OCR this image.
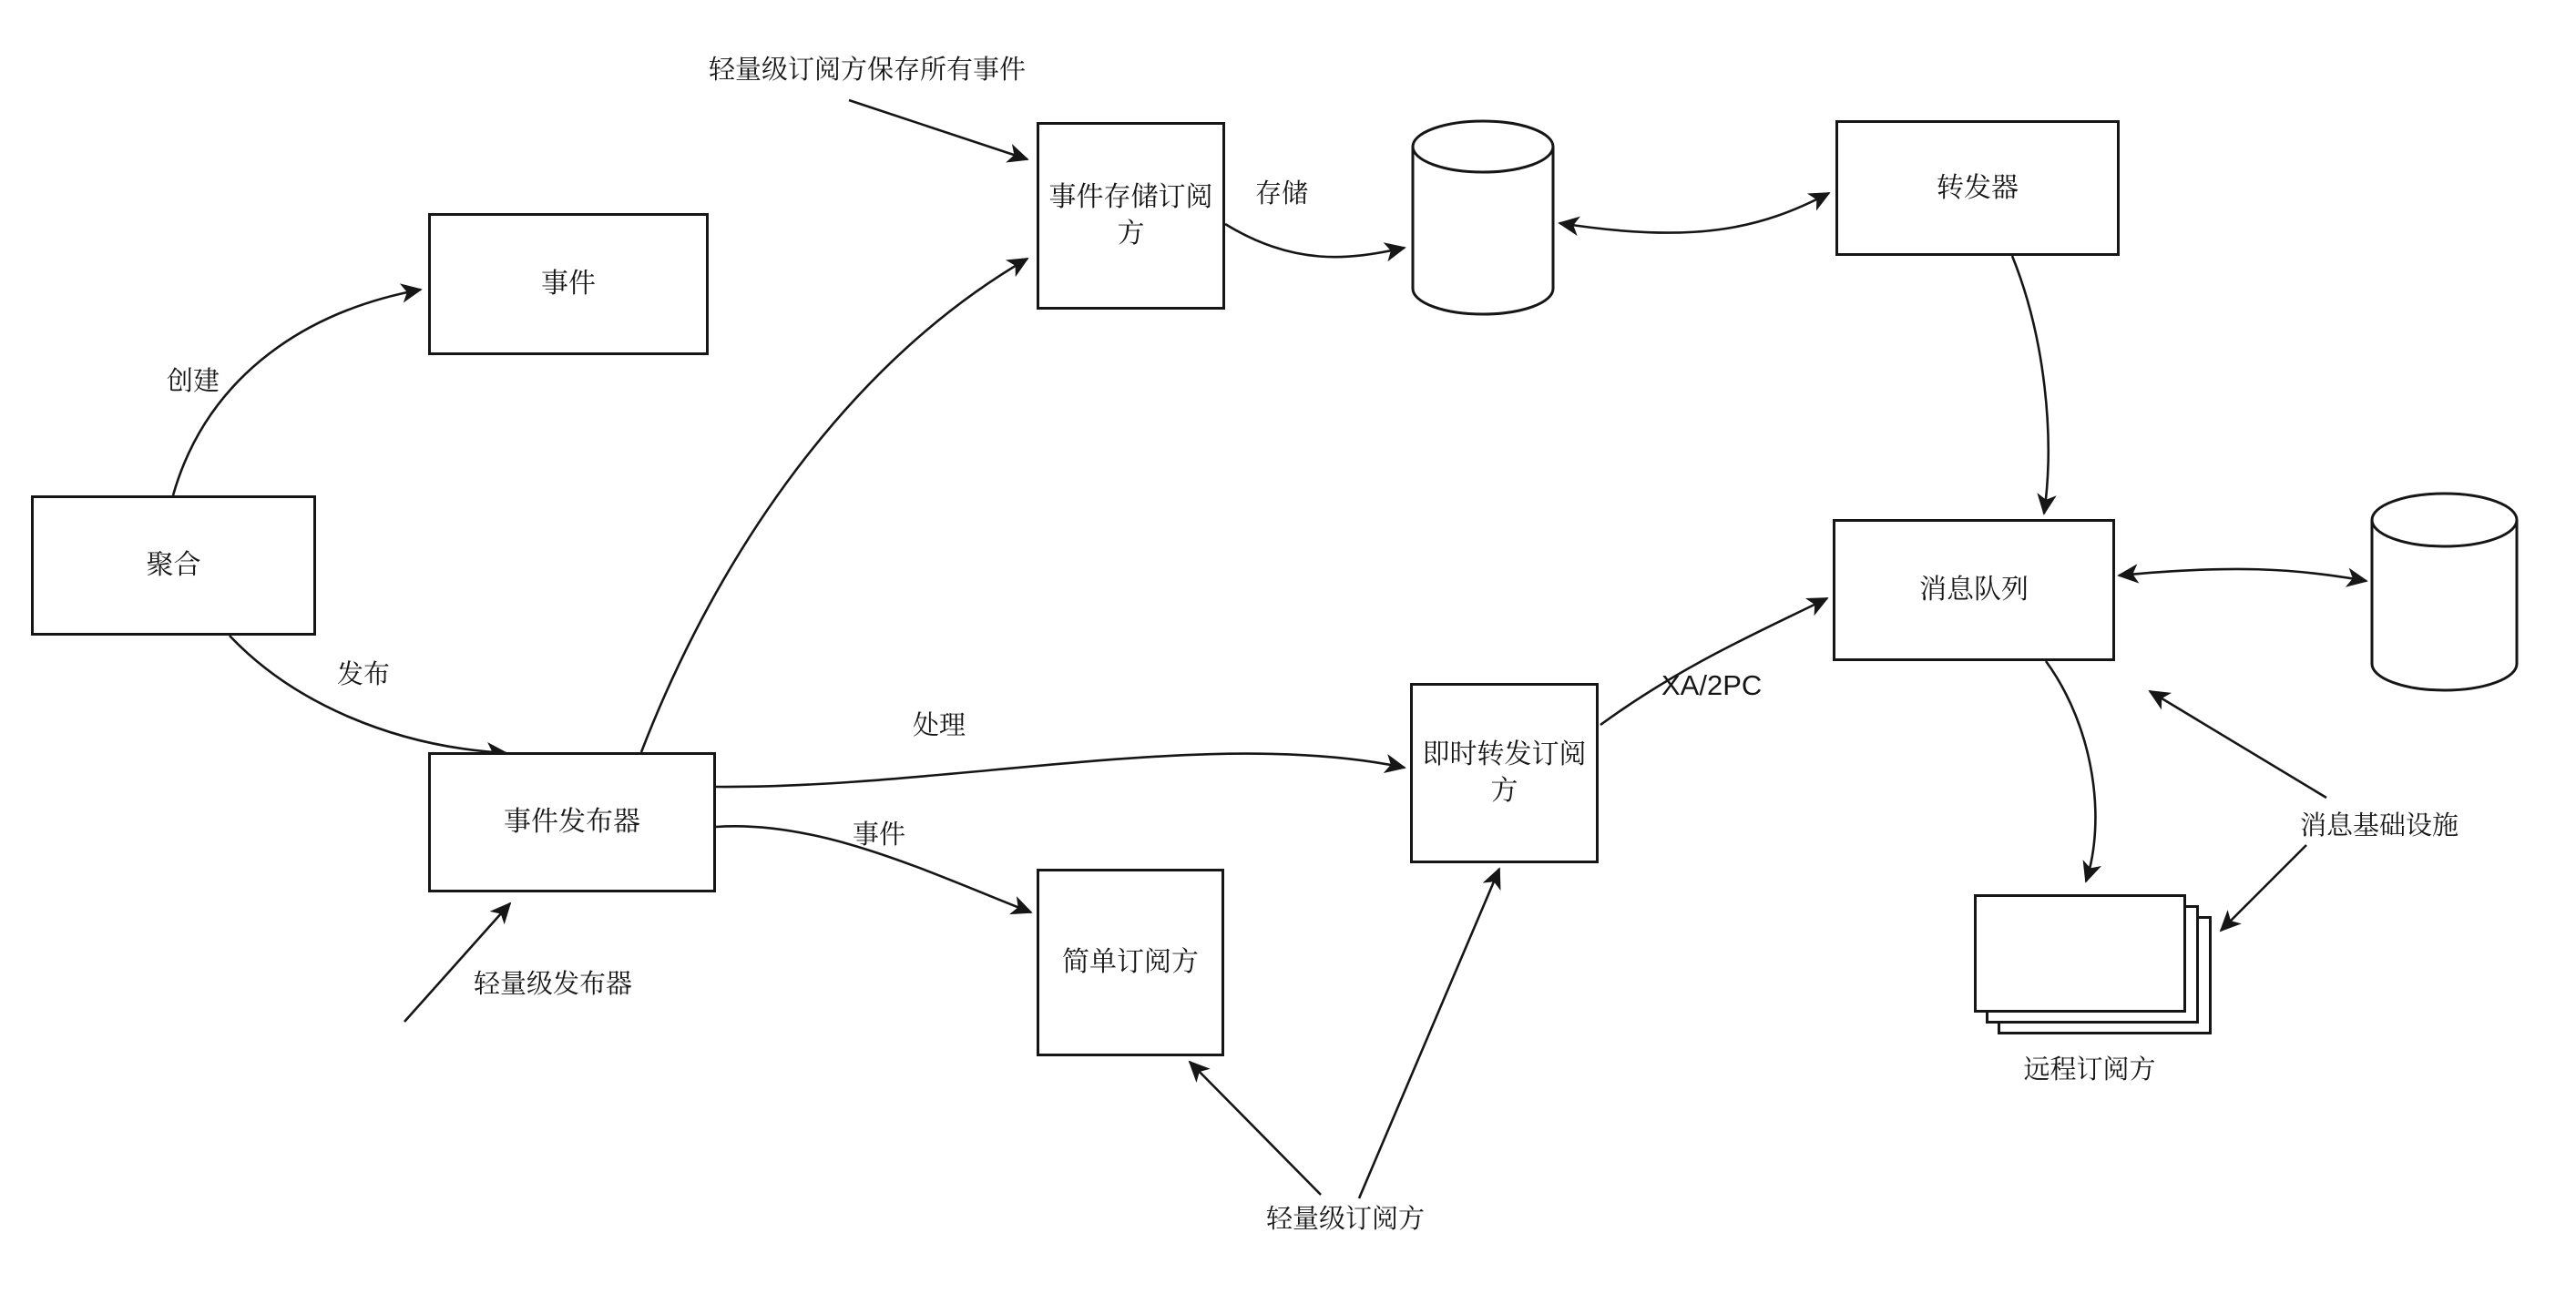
事件
聚合
事件发布器
事件存储订阅方
简单订阅方
即时转发订阅方
转发器
消息队列
远程订阅方
创建
发布
存储
处理
事件
XA/2PC
轻量级订阅方保存所有事件
轻量级发布器
轻量级订阅方
消息基础设施
